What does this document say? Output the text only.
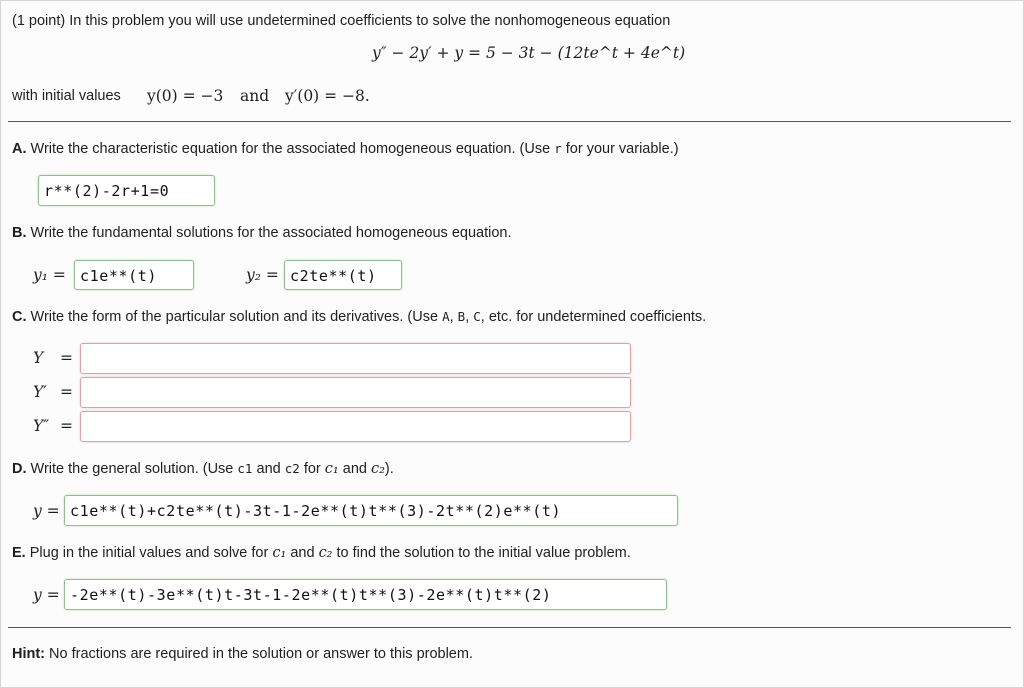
(1 point) In this problem you will use undetermined coefficients to solve the nonhomogeneous equation
y″ − 2y′ + y = 5 − 3t − (12te^t + 4e^t)
with initial values y(0) = −3 and y′(0) = −8.
A. Write the characteristic equation for the associated homogeneous equation. (Use r for your variable.)
r**(2)-2r+1=0
B. Write the fundamental solutions for the associated homogeneous equation.
y₁ = c1e**(t)	y₂ = c2te**(t)
C. Write the form of the particular solution and its derivatives. (Use A, B, C, etc. for undetermined coefficients.
Y =
Y′ =
Y″ =
D. Write the general solution. (Use c1 and c2 for c₁ and c₂).
y = c1e**(t)+c2te**(t)-3t-1-2e**(t)t**(3)-2t**(2)e**(t)
E. Plug in the initial values and solve for c₁ and c₂ to find the solution to the initial value problem.
y = -2e**(t)-3e**(t)t-3t-1-2e**(t)t**(3)-2e**(t)t**(2)
Hint: No fractions are required in the solution or answer to this problem.
